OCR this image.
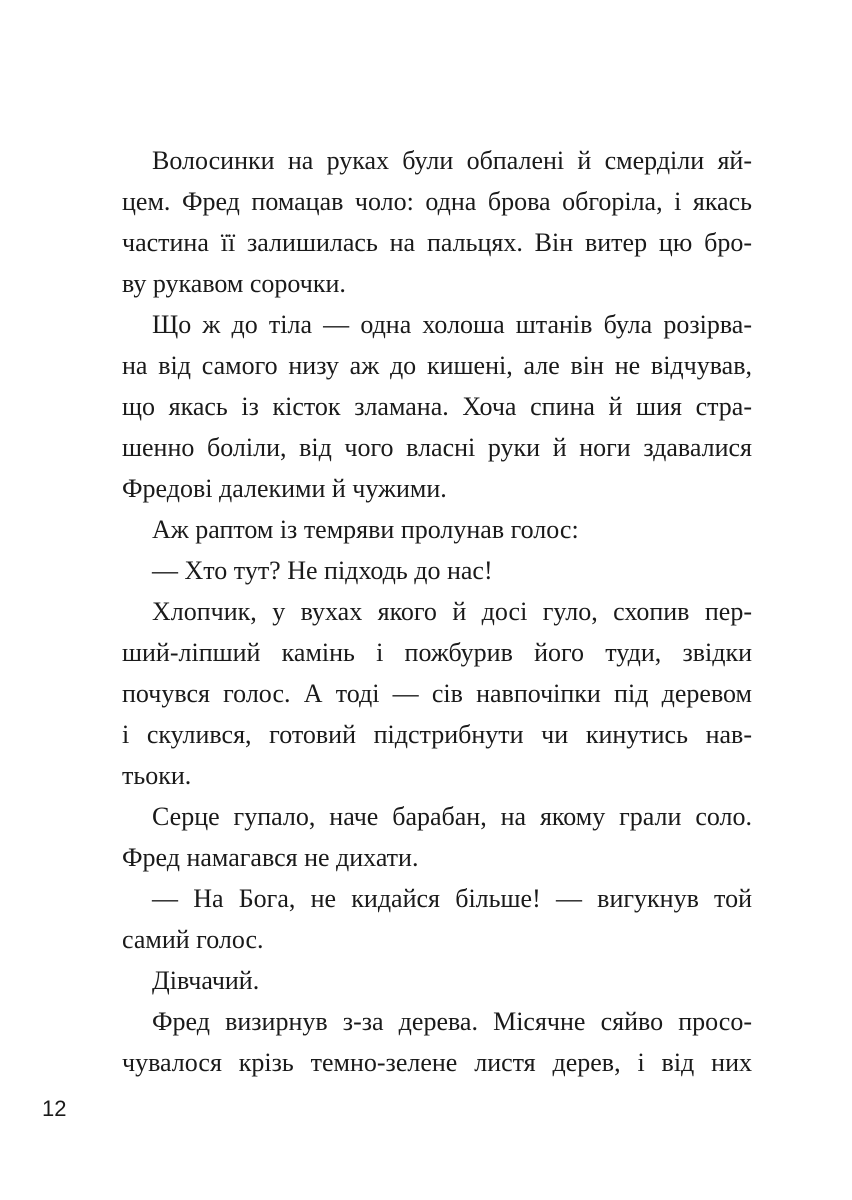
Волосинки на руках були обпалені й смерділи яй-
цем. Фред помацав чоло: одна брова обгоріла, і якась
частина її залишилась на пальцях. Він витер цю бро-
ву рукавом сорочки.
Що ж до тіла — одна холоша штанів була розірва-
на від самого низу аж до кишені, але він не відчував,
що якась із кісток зламана. Хоча спина й шия стра-
шенно боліли, від чого власні руки й ноги здавалися
Фредові далекими й чужими.
Аж раптом із темряви пролунав голос:
— Хто тут? Не підходь до нас!
Хлопчик, у вухах якого й досі гуло, схопив пер-
ший-ліпший камінь і пожбурив його туди, звідки
почувся голос. А тоді — сів навпочіпки під деревом
і скулився, готовий підстрибнути чи кинутись нав-
тьоки.
Серце гупало, наче барабан, на якому грали соло.
Фред намагався не дихати.
— На Бога, не кидайся більше! — вигукнув той
самий голос.
Дівчачий.
Фред визирнув з-за дерева. Місячне сяйво просо-
чувалося крізь темно-зелене листя дерев, і від них
12
